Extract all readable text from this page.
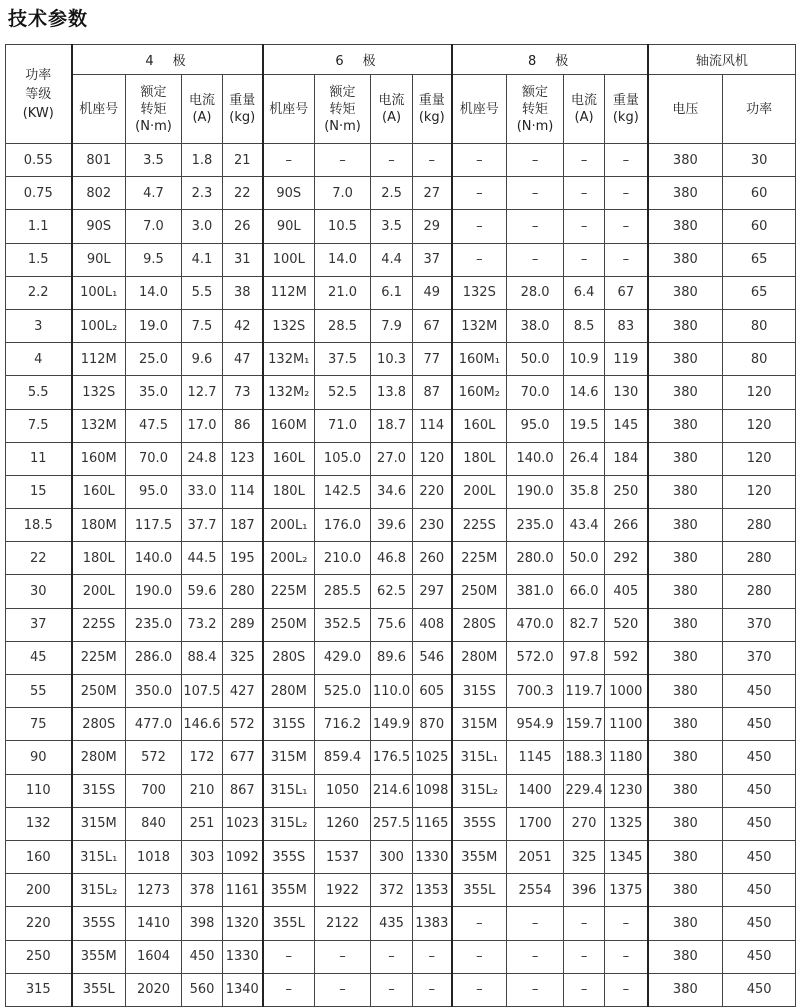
技术参数
功率
等级
(KW)	4　极				6　极				8　极				轴流风机	
	机座号	额定
转矩
(N·m)	电流
(A)	重量
(kg)	机座号	额定
转矩
(N·m)	电流
(A)	重量
(kg)	机座号	额定
转矩
(N·m)	电流
(A)	重量
(kg)	电压	功率
0.55	801	3.5	1.8	21	–	–	–	–	–	–	–	–	380	30
0.75	802	4.7	2.3	22	90S	7.0	2.5	27	–	–	–	–	380	60
1.1	90S	7.0	3.0	26	90L	10.5	3.5	29	–	–	–	–	380	60
1.5	90L	9.5	4.1	31	100L	14.0	4.4	37	–	–	–	–	380	65
2.2	100L₁	14.0	5.5	38	112M	21.0	6.1	49	132S	28.0	6.4	67	380	65
3	100L₂	19.0	7.5	42	132S	28.5	7.9	67	132M	38.0	8.5	83	380	80
4	112M	25.0	9.6	47	132M₁	37.5	10.3	77	160M₁	50.0	10.9	119	380	80
5.5	132S	35.0	12.7	73	132M₂	52.5	13.8	87	160M₂	70.0	14.6	130	380	120
7.5	132M	47.5	17.0	86	160M	71.0	18.7	114	160L	95.0	19.5	145	380	120
11	160M	70.0	24.8	123	160L	105.0	27.0	120	180L	140.0	26.4	184	380	120
15	160L	95.0	33.0	114	180L	142.5	34.6	220	200L	190.0	35.8	250	380	120
18.5	180M	117.5	37.7	187	200L₁	176.0	39.6	230	225S	235.0	43.4	266	380	280
22	180L	140.0	44.5	195	200L₂	210.0	46.8	260	225M	280.0	50.0	292	380	280
30	200L	190.0	59.6	280	225M	285.5	62.5	297	250M	381.0	66.0	405	380	280
37	225S	235.0	73.2	289	250M	352.5	75.6	408	280S	470.0	82.7	520	380	370
45	225M	286.0	88.4	325	280S	429.0	89.6	546	280M	572.0	97.8	592	380	370
55	250M	350.0	107.5	427	280M	525.0	110.0	605	315S	700.3	119.7	1000	380	450
75	280S	477.0	146.6	572	315S	716.2	149.9	870	315M	954.9	159.7	1100	380	450
90	280M	572	172	677	315M	859.4	176.5	1025	315L₁	1145	188.3	1180	380	450
110	315S	700	210	867	315L₁	1050	214.6	1098	315L₂	1400	229.4	1230	380	450
132	315M	840	251	1023	315L₂	1260	257.5	1165	355S	1700	270	1325	380	450
160	315L₁	1018	303	1092	355S	1537	300	1330	355M	2051	325	1345	380	450
200	315L₂	1273	378	1161	355M	1922	372	1353	355L	2554	396	1375	380	450
220	355S	1410	398	1320	355L	2122	435	1383	–	–	–	–	380	450
250	355M	1604	450	1330	–	–	–	–	–	–	–	–	380	450
315	355L	2020	560	1340	–	–	–	–	–	–	–	–	380	450
